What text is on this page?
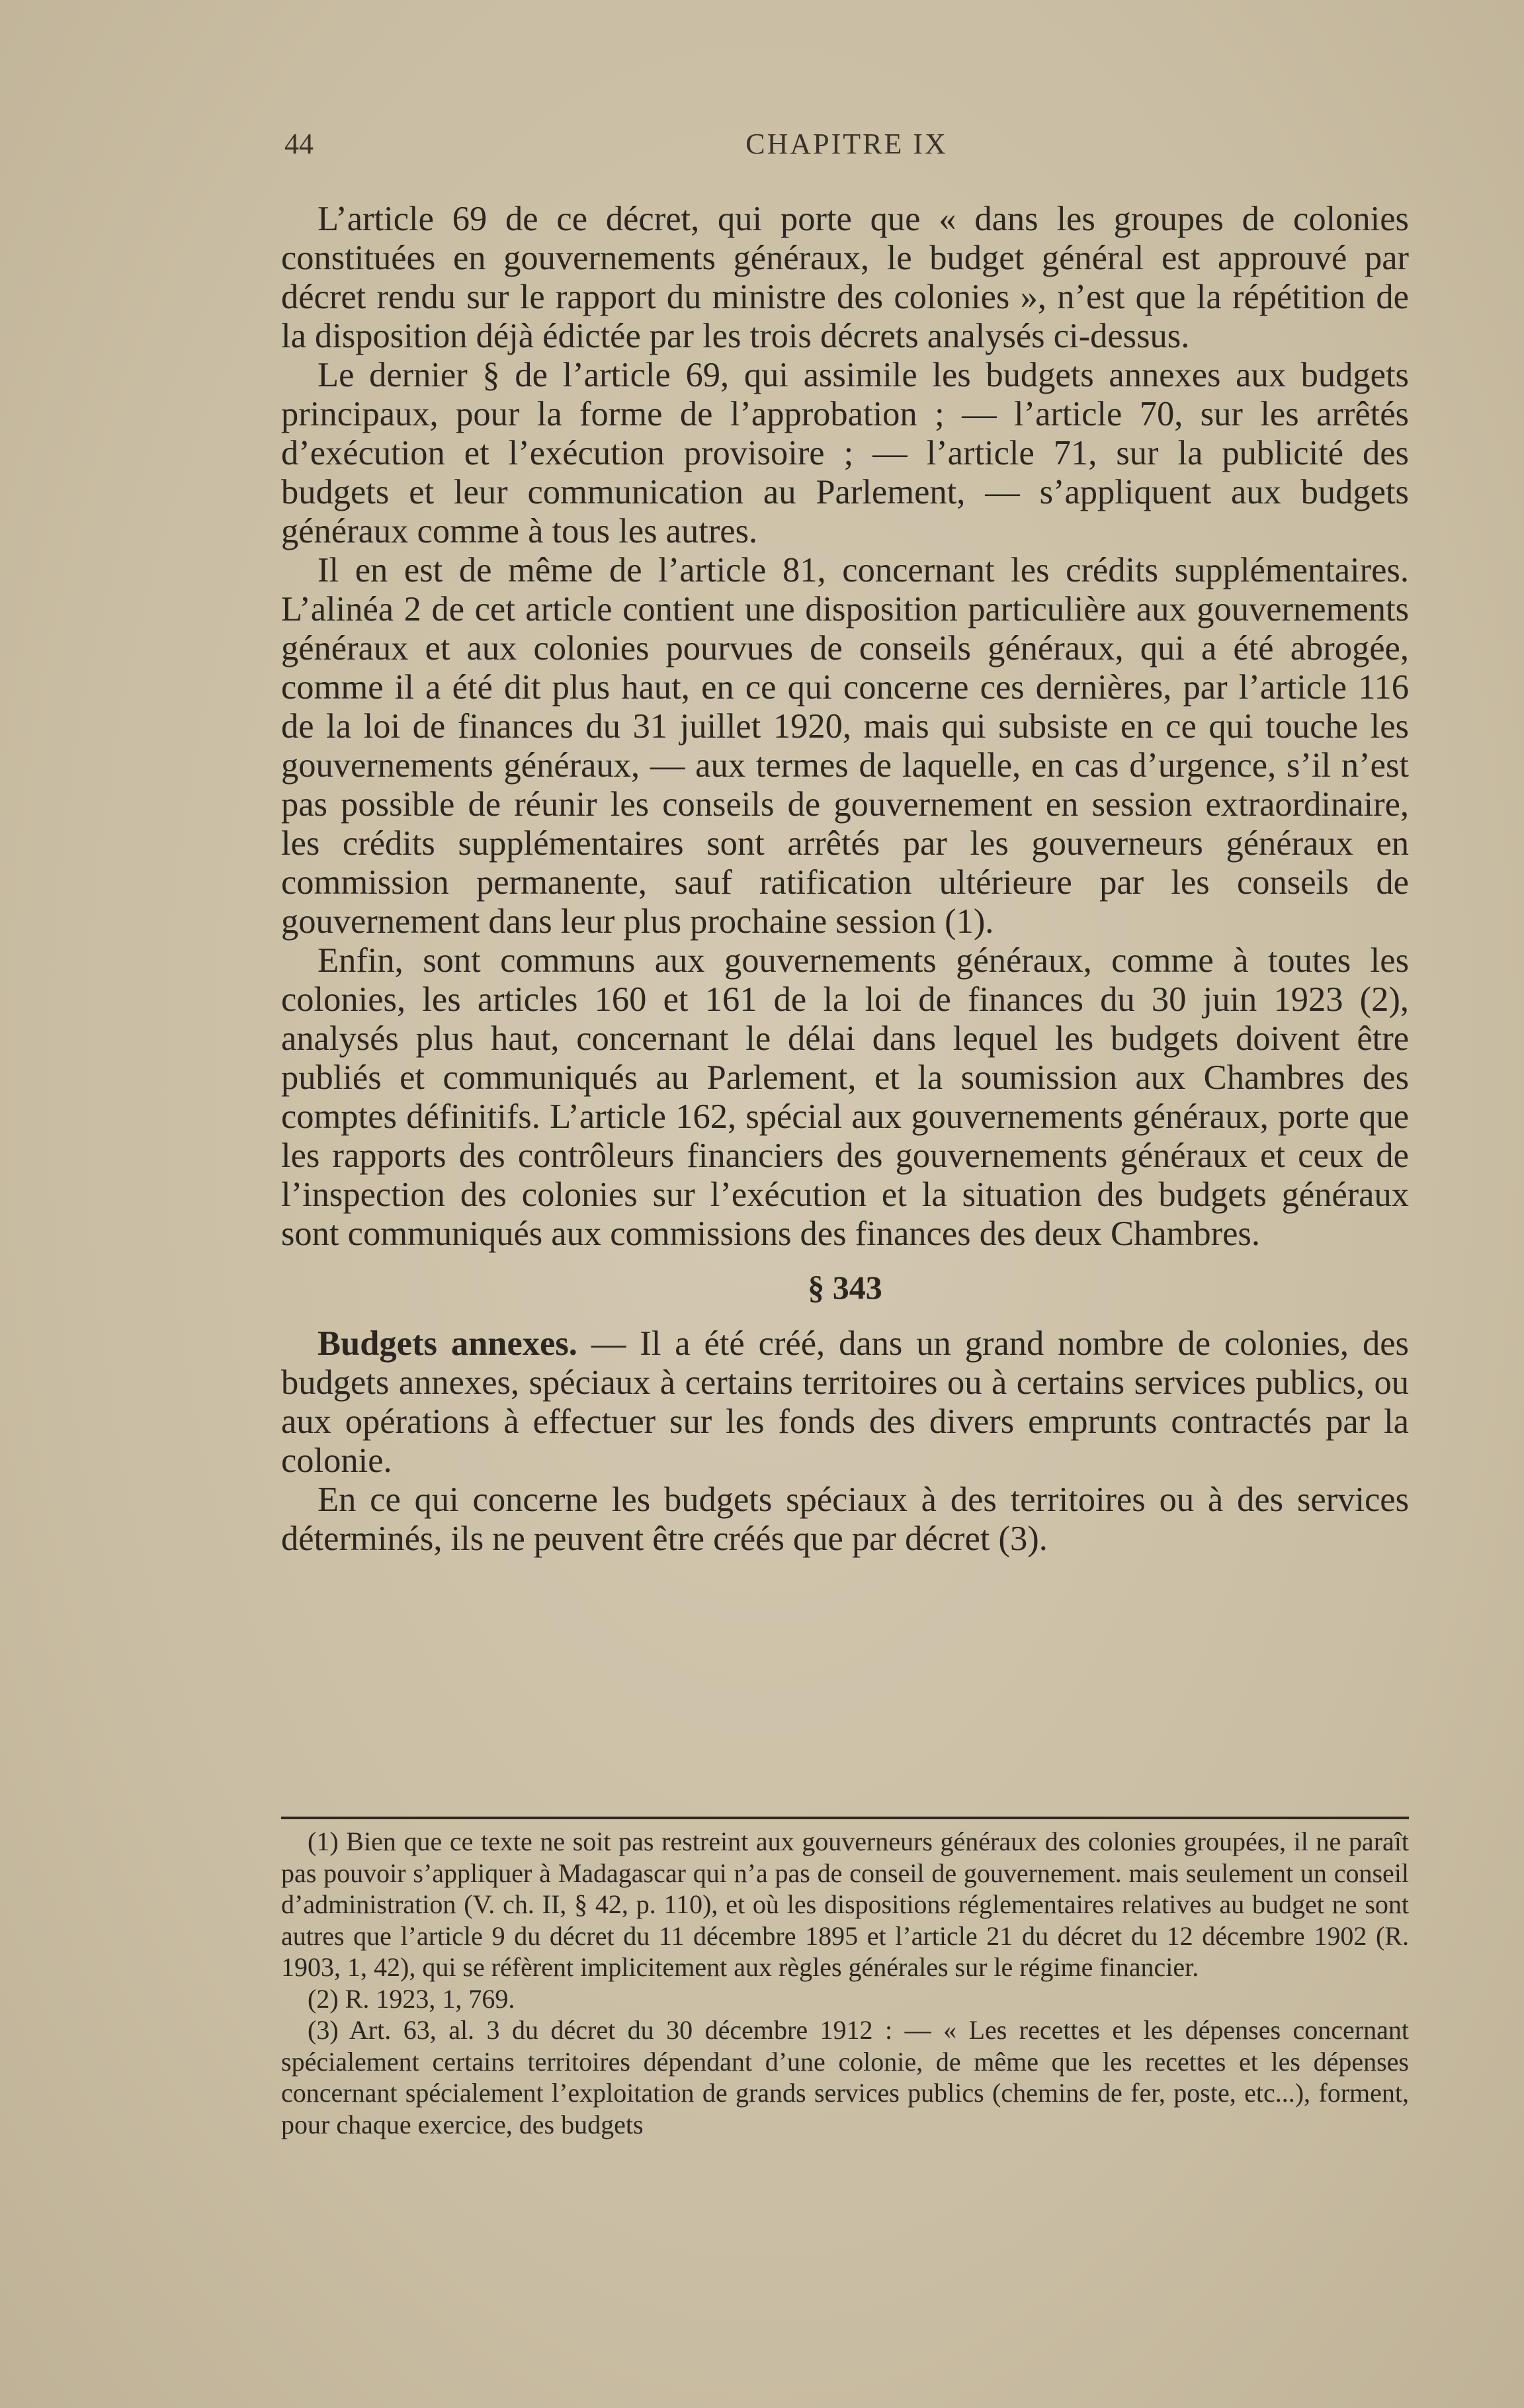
44	CHAPITRE IX

L’article 69 de ce décret, qui porte que « dans les groupes de colonies constituées en gouvernements généraux, le budget général est approuvé par décret rendu sur le rapport du ministre des colonies », n’est que la répétition de la disposition déjà édictée par les trois décrets analysés ci-dessus.

Le dernier § de l’article 69, qui assimile les budgets annexes aux budgets principaux, pour la forme de l’approbation ; — l’article 70, sur les arrêtés d’exécution et l’exécution provisoire ; — l’article 71, sur la publicité des budgets et leur communication au Parlement, — s’appliquent aux budgets généraux comme à tous les autres.

Il en est de même de l’article 81, concernant les crédits supplémentaires. L’alinéa 2 de cet article contient une disposition particulière aux gouvernements généraux et aux colonies pourvues de conseils généraux, qui a été abrogée, comme il a été dit plus haut, en ce qui concerne ces dernières, par l’article 116 de la loi de finances du 31 juillet 1920, mais qui subsiste en ce qui touche les gouvernements généraux, — aux termes de laquelle, en cas d’urgence, s’il n’est pas possible de réunir les conseils de gouvernement en session extraordinaire, les crédits supplémentaires sont arrêtés par les gouverneurs généraux en commission permanente, sauf ratification ultérieure par les conseils de gouvernement dans leur plus prochaine session (1).

Enfin, sont communs aux gouvernements généraux, comme à toutes les colonies, les articles 160 et 161 de la loi de finances du 30 juin 1923 (2), analysés plus haut, concernant le délai dans lequel les budgets doivent être publiés et communiqués au Parlement, et la soumission aux Chambres des comptes définitifs. L’article 162, spécial aux gouvernements généraux, porte que les rapports des contrôleurs financiers des gouvernements généraux et ceux de l’inspection des colonies sur l’exécution et la situation des budgets généraux sont communiqués aux commissions des finances des deux Chambres.

§ 343

Budgets annexes. — Il a été créé, dans un grand nombre de colonies, des budgets annexes, spéciaux à certains territoires ou à certains services publics, ou aux opérations à effectuer sur les fonds des divers emprunts contractés par la colonie.

En ce qui concerne les budgets spéciaux à des territoires ou à des services déterminés, ils ne peuvent être créés que par décret (3).

(1) Bien que ce texte ne soit pas restreint aux gouverneurs généraux des colonies groupées, il ne paraît pas pouvoir s’appliquer à Madagascar qui n’a pas de conseil de gouvernement. mais seulement un conseil d’administration (V. ch. II, § 42, p. 110), et où les dispositions réglementaires relatives au budget ne sont autres que l’article 9 du décret du 11 décembre 1895 et l’article 21 du décret du 12 décembre 1902 (R. 1903, 1, 42), qui se réfèrent implicitement aux règles générales sur le régime financier.

(2) R. 1923, 1, 769.

(3) Art. 63, al. 3 du décret du 30 décembre 1912 : — « Les recettes et les dépenses concernant spécialement certains territoires dépendant d’une colonie, de même que les recettes et les dépenses concernant spécialement l’exploitation de grands services publics (chemins de fer, poste, etc...), forment, pour chaque exercice, des budgets
